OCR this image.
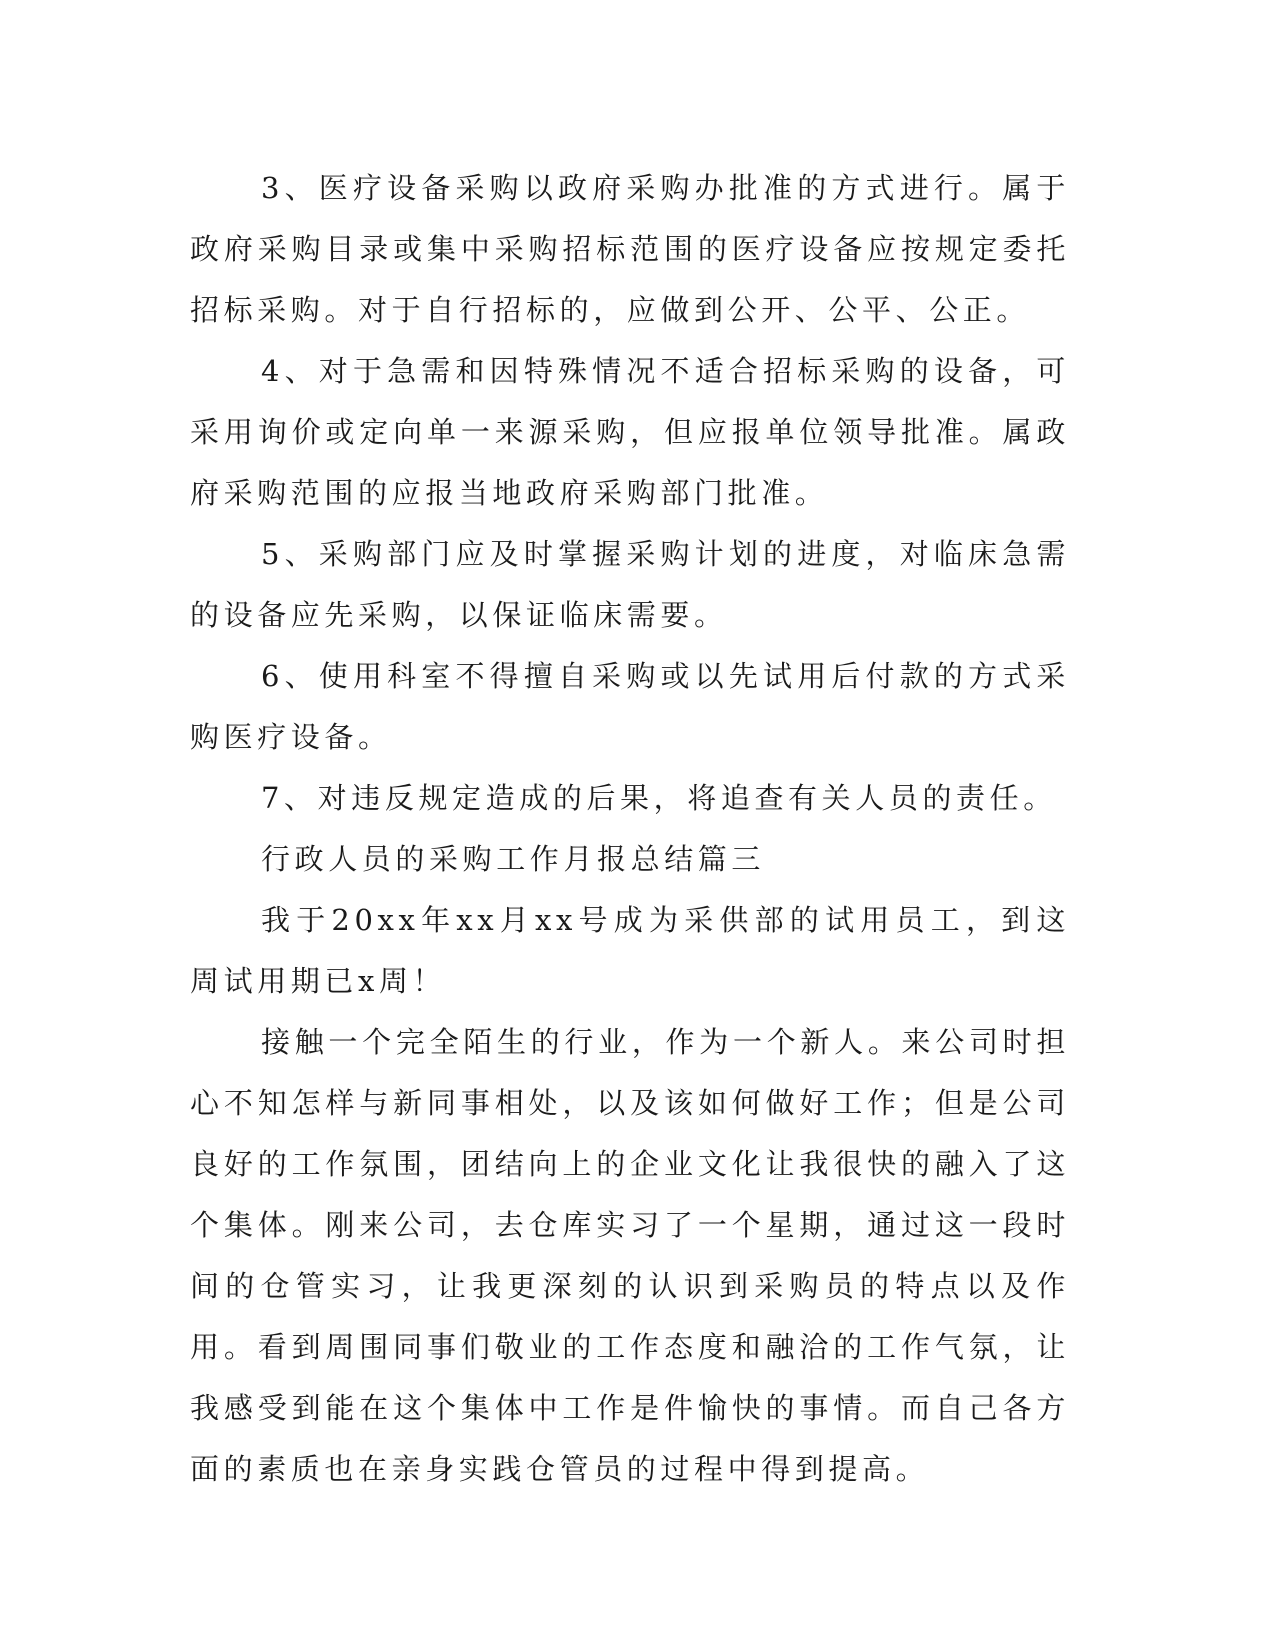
3、医疗设备采购以政府采购办批准的方式进行。属于政府采购目录或集中采购招标范围的医疗设备应按规定委托招标采购。对于自行招标的，应做到公开、公平、公正。

4、对于急需和因特殊情况不适合招标采购的设备，可采用询价或定向单一来源采购，但应报单位领导批准。属政府采购范围的应报当地政府采购部门批准。

5、采购部门应及时掌握采购计划的进度，对临床急需的设备应先采购，以保证临床需要。

6、使用科室不得擅自采购或以先试用后付款的方式采购医疗设备。

7、对违反规定造成的后果，将追查有关人员的责任。

行政人员的采购工作月报总结篇三

我于20xx年xx月xx号成为采供部的试用员工，到这周试用期已x周！

接触一个完全陌生的行业，作为一个新人。来公司时担心不知怎样与新同事相处，以及该如何做好工作；但是公司良好的工作氛围，团结向上的企业文化让我很快的融入了这个集体。刚来公司，去仓库实习了一个星期，通过这一段时间的仓管实习，让我更深刻的认识到采购员的特点以及作用。看到周围同事们敬业的工作态度和融洽的工作气氛，让我感受到能在这个集体中工作是件愉快的事情。而自己各方面的素质也在亲身实践仓管员的过程中得到提高。
